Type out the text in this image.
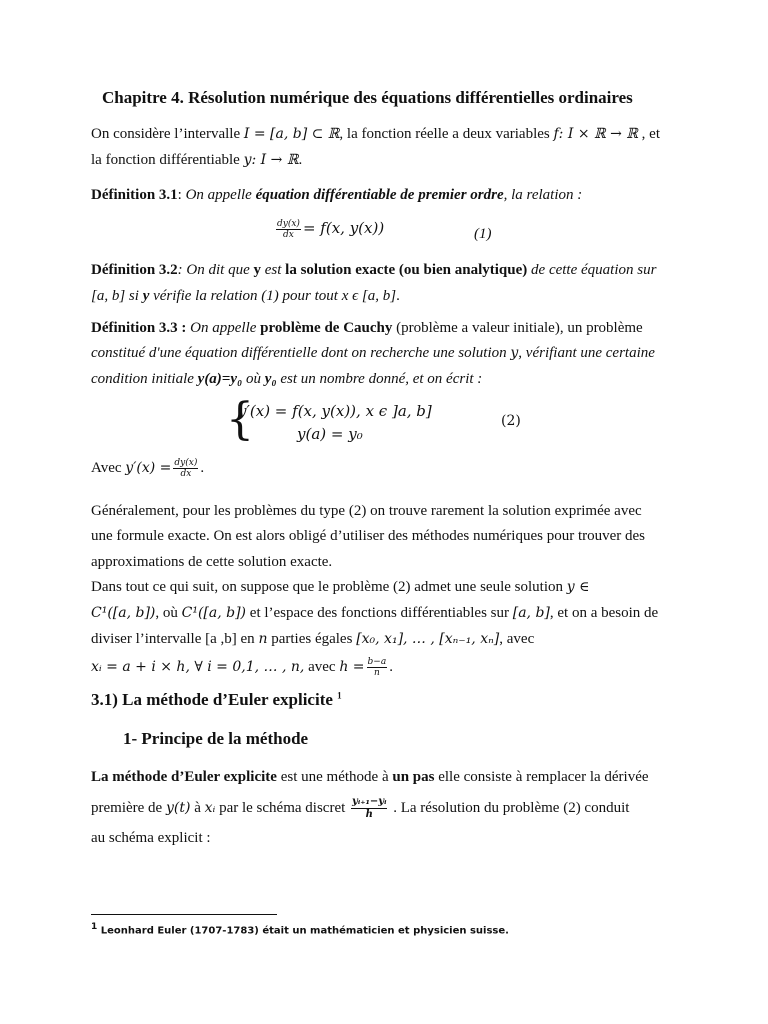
Chapitre 4. Résolution numérique des équations différentielles ordinaires
On considère l’intervalle I = [a, b] ⊂ ℝ, la fonction réelle a deux variables f: I × ℝ → ℝ , et
la fonction différentiable y: I → ℝ.
Définition 3.1: On appelle équation différentiable de premier ordre, la relation :
$\frac{dy(x)}{dx} = f(x$, y(x))	(1)
Définition 3.2: On dit que y est la solution exacte (ou bien analytique) de cette équation sur
[a, b] si y vérifie la relation (1) pour tout x ϵ [a, b].
Définition 3.3 : On appelle problème de Cauchy (problème a valeur initiale), un problème
constitué d'une équation différentielle dont on recherche une solution y, vérifiant une certaine
condition initiale y(a)=y₀ où y₀ est un nombre donné, et on écrit :
{
y′(x) = f(x, y(x)), x ϵ ]a, b]
y(a) = y₀
(2)
Avec $y'(x) = \frac{dy(x)}{dx}$ .
Généralement, pour les problèmes du type (2) on trouve rarement la solution exprimée avec
une formule exacte. On est alors obligé d’utiliser des méthodes numériques pour trouver des
approximations de cette solution exacte.
Dans tout ce qui suit, on suppose que le problème (2) admet une seule solution y ∈
C¹([a, b]), où C¹([a, b]) et l’espace des fonctions différentiables sur [a, b], et on a besoin de
diviser l’intervalle [a ,b] en n parties égales [x₀, x₁], … , [xₙ₋₁, xₙ], avec
xᵢ = a + i × h, ∀ i = 0,1, … , n, avec $h = \frac{b-a}{n}$ .
3.1) La méthode d’Euler explicite $^1$
1- Principe de la méthode
La méthode d’Euler explicite est une méthode à un pas elle consiste à remplacer la dérivée
première de y(t) à xᵢ par le schéma discret $\frac{\text{yᵢ₊₁−yᵢ}}{h}$ . La résolution du problème (2) conduit
au schéma explicit :
$^1$ Leonhard Euler (1707-1783) était un mathématicien et physicien suisse.
